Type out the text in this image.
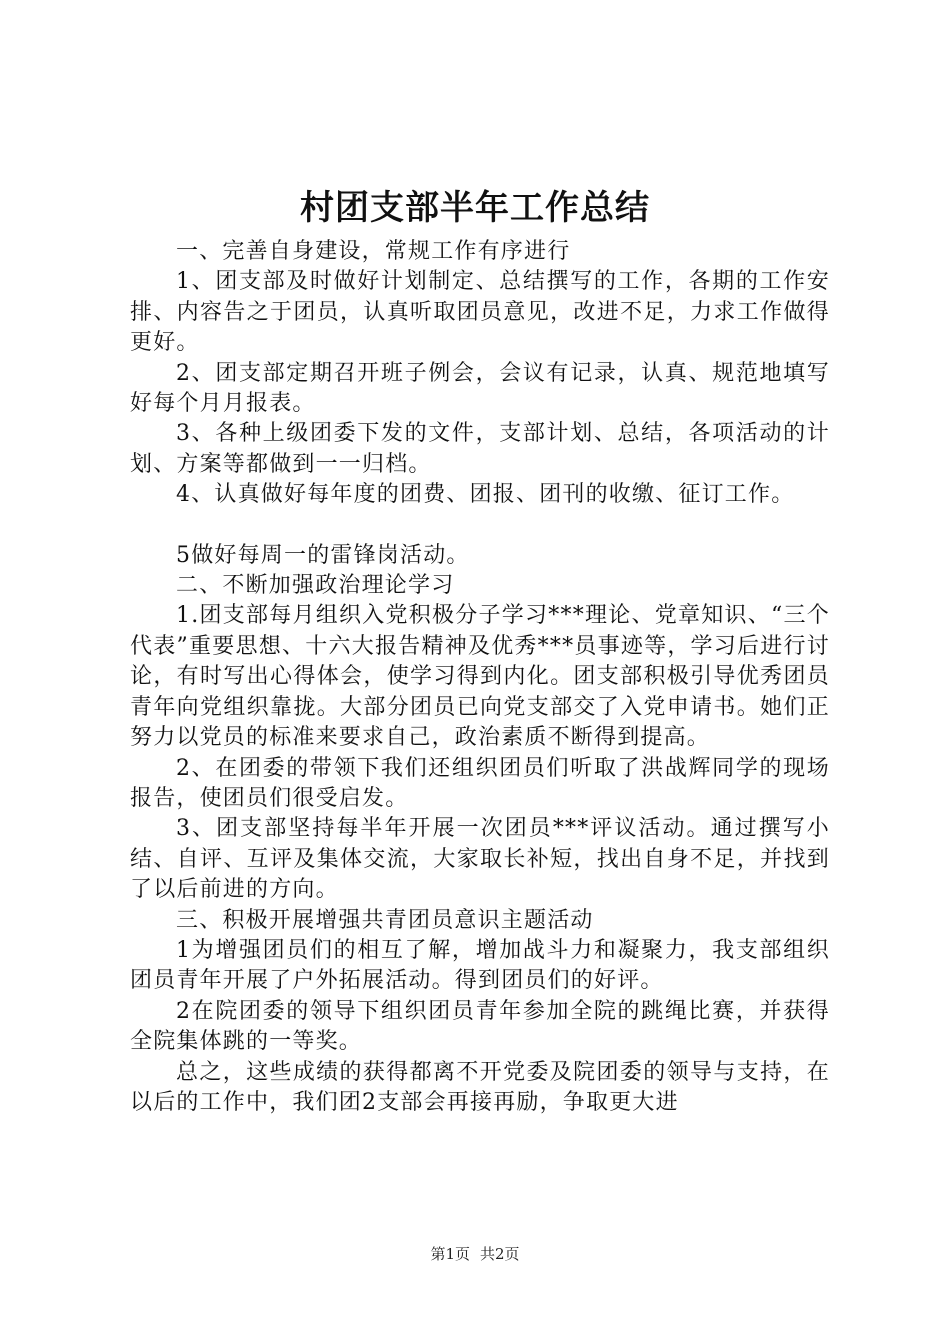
村团支部半年工作总结

一、完善自身建设，常规工作有序进行

1、团支部及时做好计划制定、总结撰写的工作，各期的工作安排、内容告之于团员，认真听取团员意见，改进不足，力求工作做得更好。

2、团支部定期召开班子例会，会议有记录，认真、规范地填写好每个月月报表。

3、各种上级团委下发的文件，支部计划、总结，各项活动的计划、方案等都做到一一归档。

4、认真做好每年度的团费、团报、团刊的收缴、征订工作。

5做好每周一的雷锋岗活动。

二、不断加强政治理论学习

1.团支部每月组织入党积极分子学习***理论、党章知识、“三个代表”重要思想、十六大报告精神及优秀***员事迹等，学习后进行讨论，有时写出心得体会，使学习得到内化。团支部积极引导优秀团员青年向党组织靠拢。大部分团员已向党支部交了入党申请书。她们正努力以党员的标准来要求自己，政治素质不断得到提高。

2、在团委的带领下我们还组织团员们听取了洪战辉同学的现场报告，使团员们很受启发。

3、团支部坚持每半年开展一次团员***评议活动。通过撰写小结、自评、互评及集体交流，大家取长补短，找出自身不足，并找到了以后前进的方向。

三、积极开展增强共青团员意识主题活动

1为增强团员们的相互了解，增加战斗力和凝聚力，我支部组织团员青年开展了户外拓展活动。得到团员们的好评。

2在院团委的领导下组织团员青年参加全院的跳绳比赛，并获得全院集体跳的一等奖。

总之，这些成绩的获得都离不开党委及院团委的领导与支持，在以后的工作中，我们团2支部会再接再励，争取更大进

第1页 共2页
